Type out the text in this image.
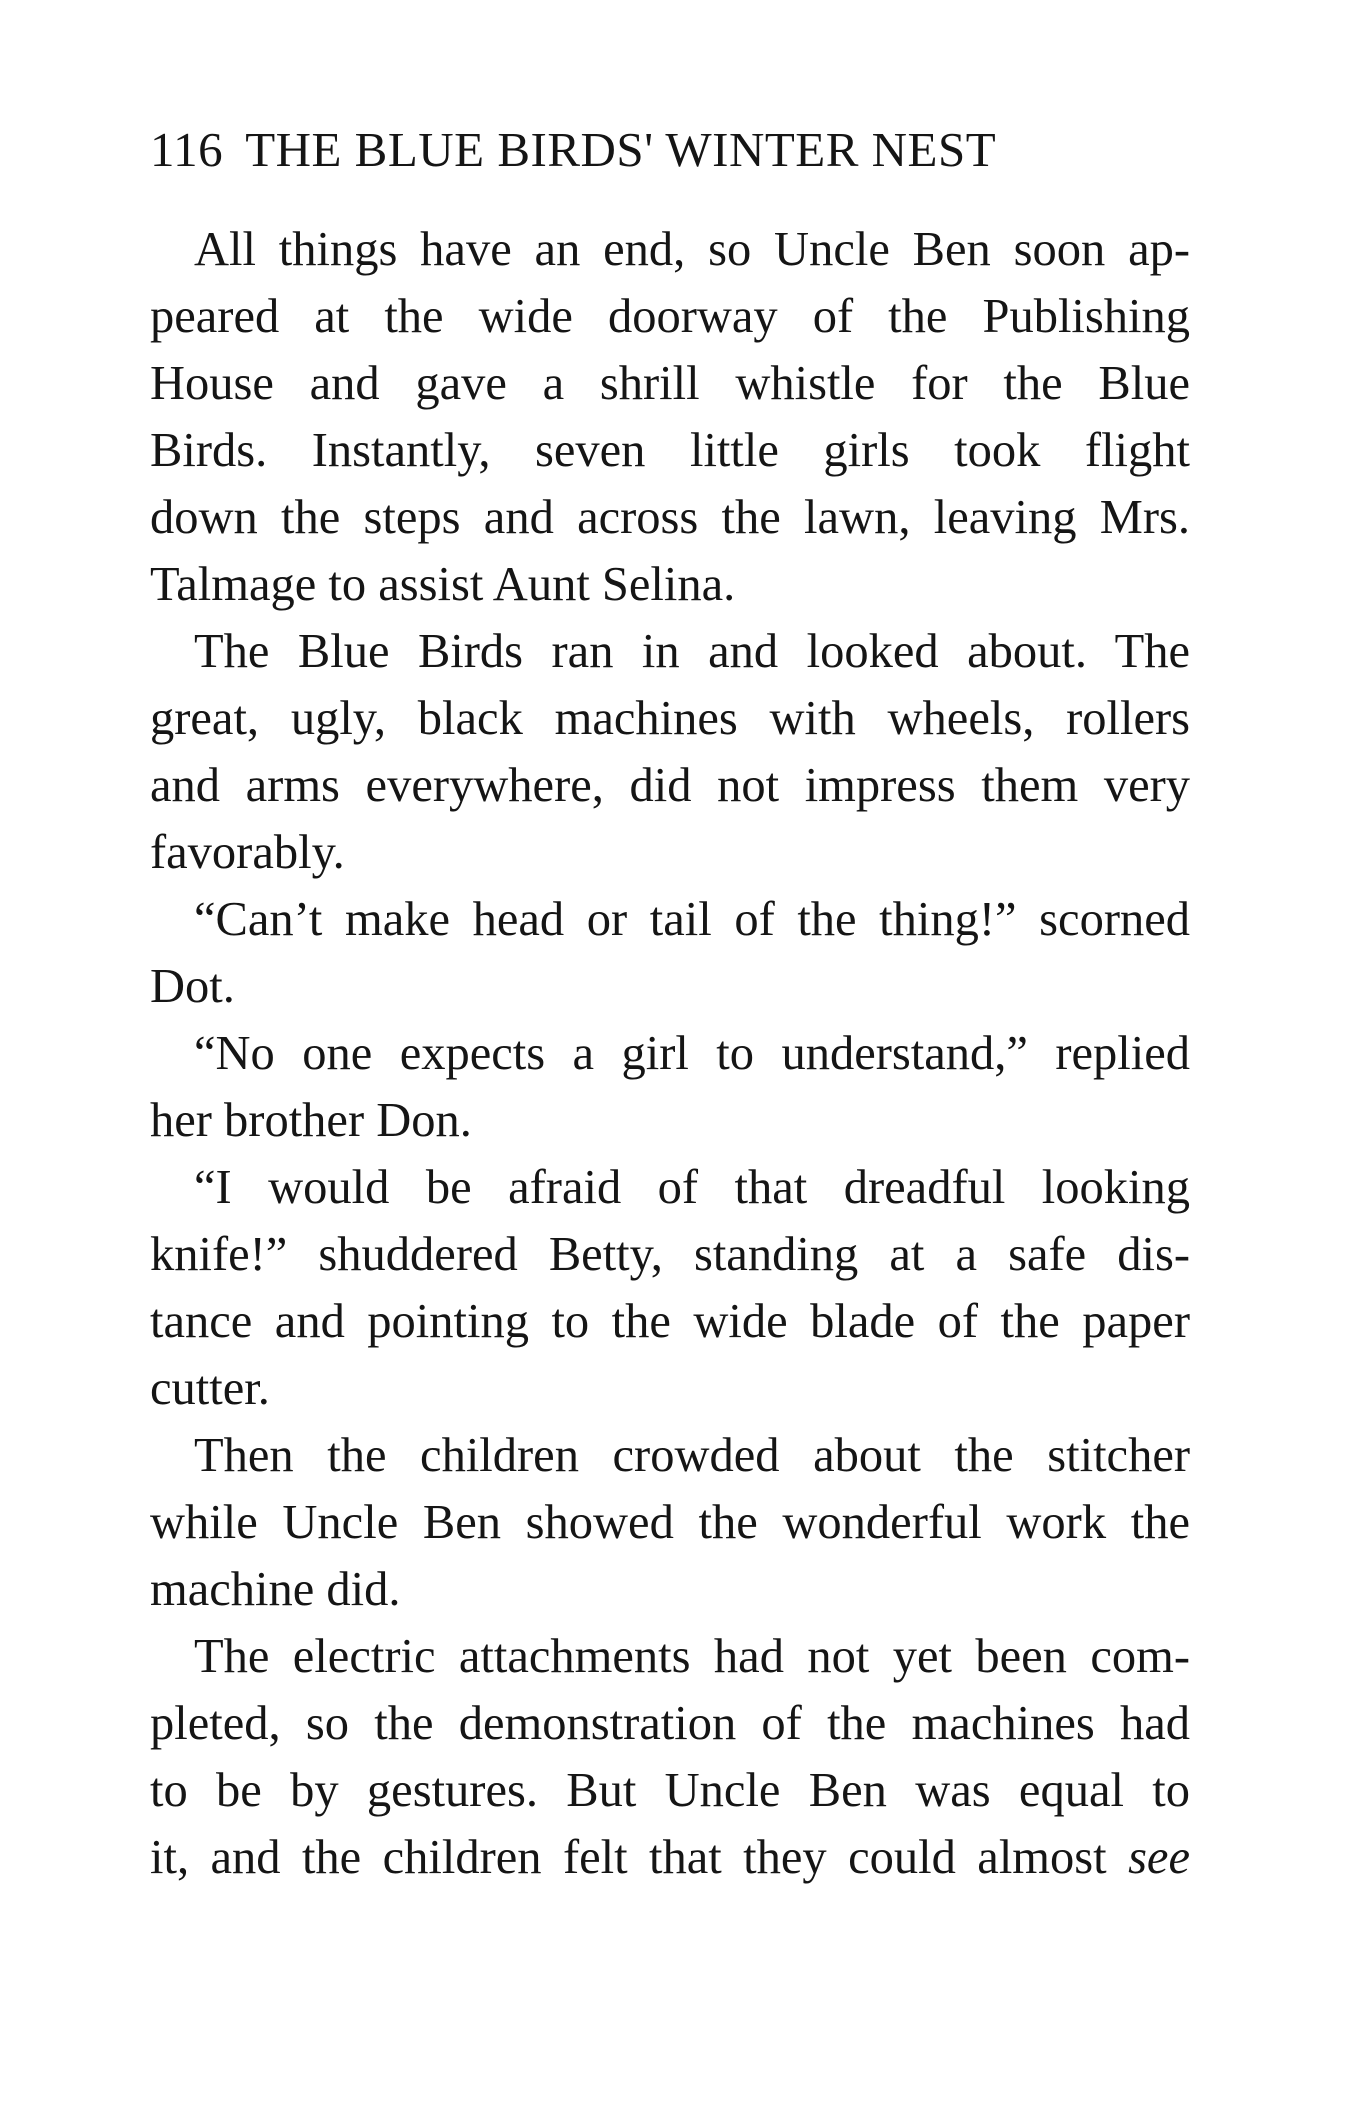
116 THE BLUE BIRDS' WINTER NEST
All things have an end, so Uncle Ben soon ap-
peared at the wide doorway of the Publishing
House and gave a shrill whistle for the Blue
Birds. Instantly, seven little girls took flight
down the steps and across the lawn, leaving Mrs.
Talmage to assist Aunt Selina.
The Blue Birds ran in and looked about. The
great, ugly, black machines with wheels, rollers
and arms everywhere, did not impress them very
favorably.
“Can’t make head or tail of the thing!” scorned
Dot.
“No one expects a girl to understand,” replied
her brother Don.
“I would be afraid of that dreadful looking
knife!” shuddered Betty, standing at a safe dis-
tance and pointing to the wide blade of the paper
cutter.
Then the children crowded about the stitcher
while Uncle Ben showed the wonderful work the
machine did.
The electric attachments had not yet been com-
pleted, so the demonstration of the machines had
to be by gestures. But Uncle Ben was equal to
it, and the children felt that they could almost see
